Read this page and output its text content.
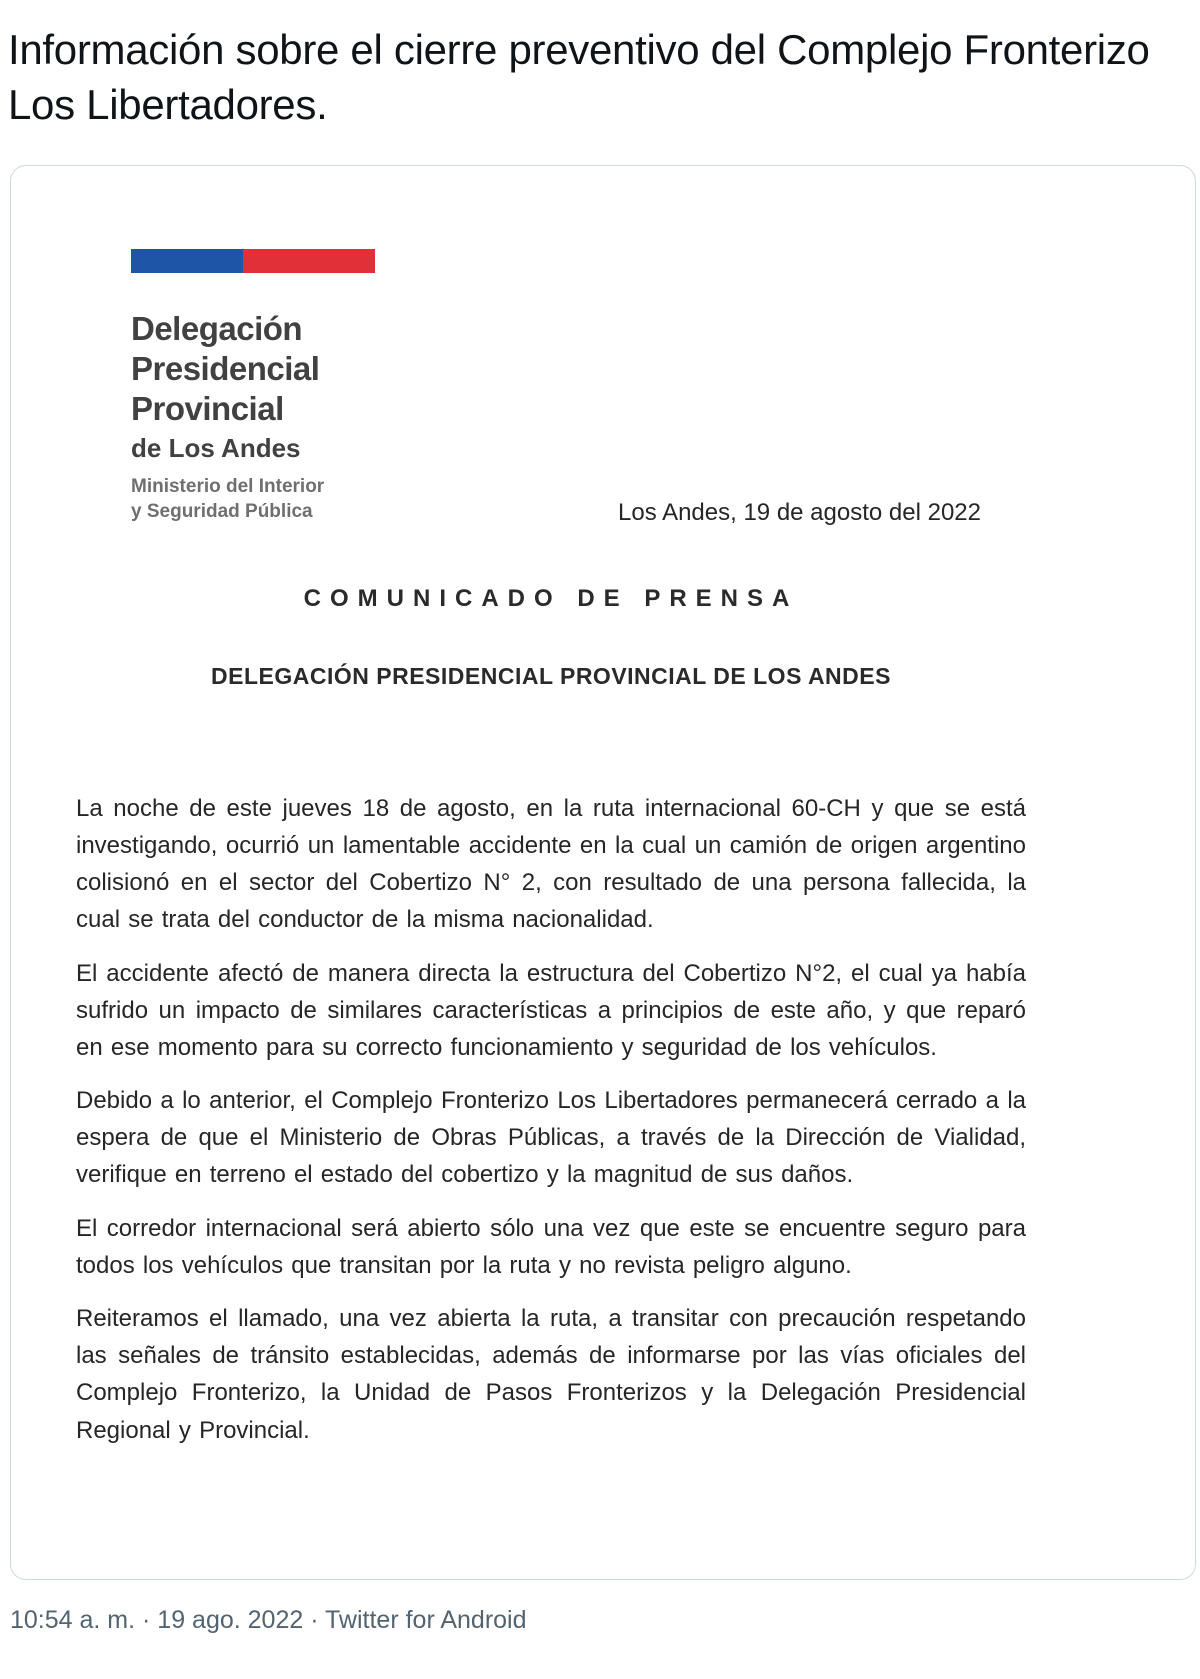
Información sobre el cierre preventivo del Complejo Fronterizo Los Libertadores.
Delegación
Presidencial
Provincial
de Los Andes
Ministerio del Interior
y Seguridad Pública	Los Andes, 19 de agosto del 2022
COMUNICADO DE PRENSA
DELEGACIÓN PRESIDENCIAL PROVINCIAL DE LOS ANDES
La noche de este jueves 18 de agosto, en la ruta internacional 60-CH y que se está investigando, ocurrió un lamentable accidente en la cual un camión de origen argentino colisionó en el sector del Cobertizo N° 2, con resultado de una persona fallecida, la cual se trata del conductor de la misma nacionalidad.
El accidente afectó de manera directa la estructura del Cobertizo N°2, el cual ya había sufrido un impacto de similares características a principios de este año, y que reparó en ese momento para su correcto funcionamiento y seguridad de los vehículos.
Debido a lo anterior, el Complejo Fronterizo Los Libertadores permanecerá cerrado a la espera de que el Ministerio de Obras Públicas, a través de la Dirección de Vialidad, verifique en terreno el estado del cobertizo y la magnitud de sus daños.
El corredor internacional será abierto sólo una vez que este se encuentre seguro para todos los vehículos que transitan por la ruta y no revista peligro alguno.
Reiteramos el llamado, una vez abierta la ruta, a transitar con precaución respetando las señales de tránsito establecidas, además de informarse por las vías oficiales del Complejo Fronterizo, la Unidad de Pasos Fronterizos y la Delegación Presidencial Regional y Provincial.
10:54 a. m. · 19 ago. 2022 · Twitter for Android
